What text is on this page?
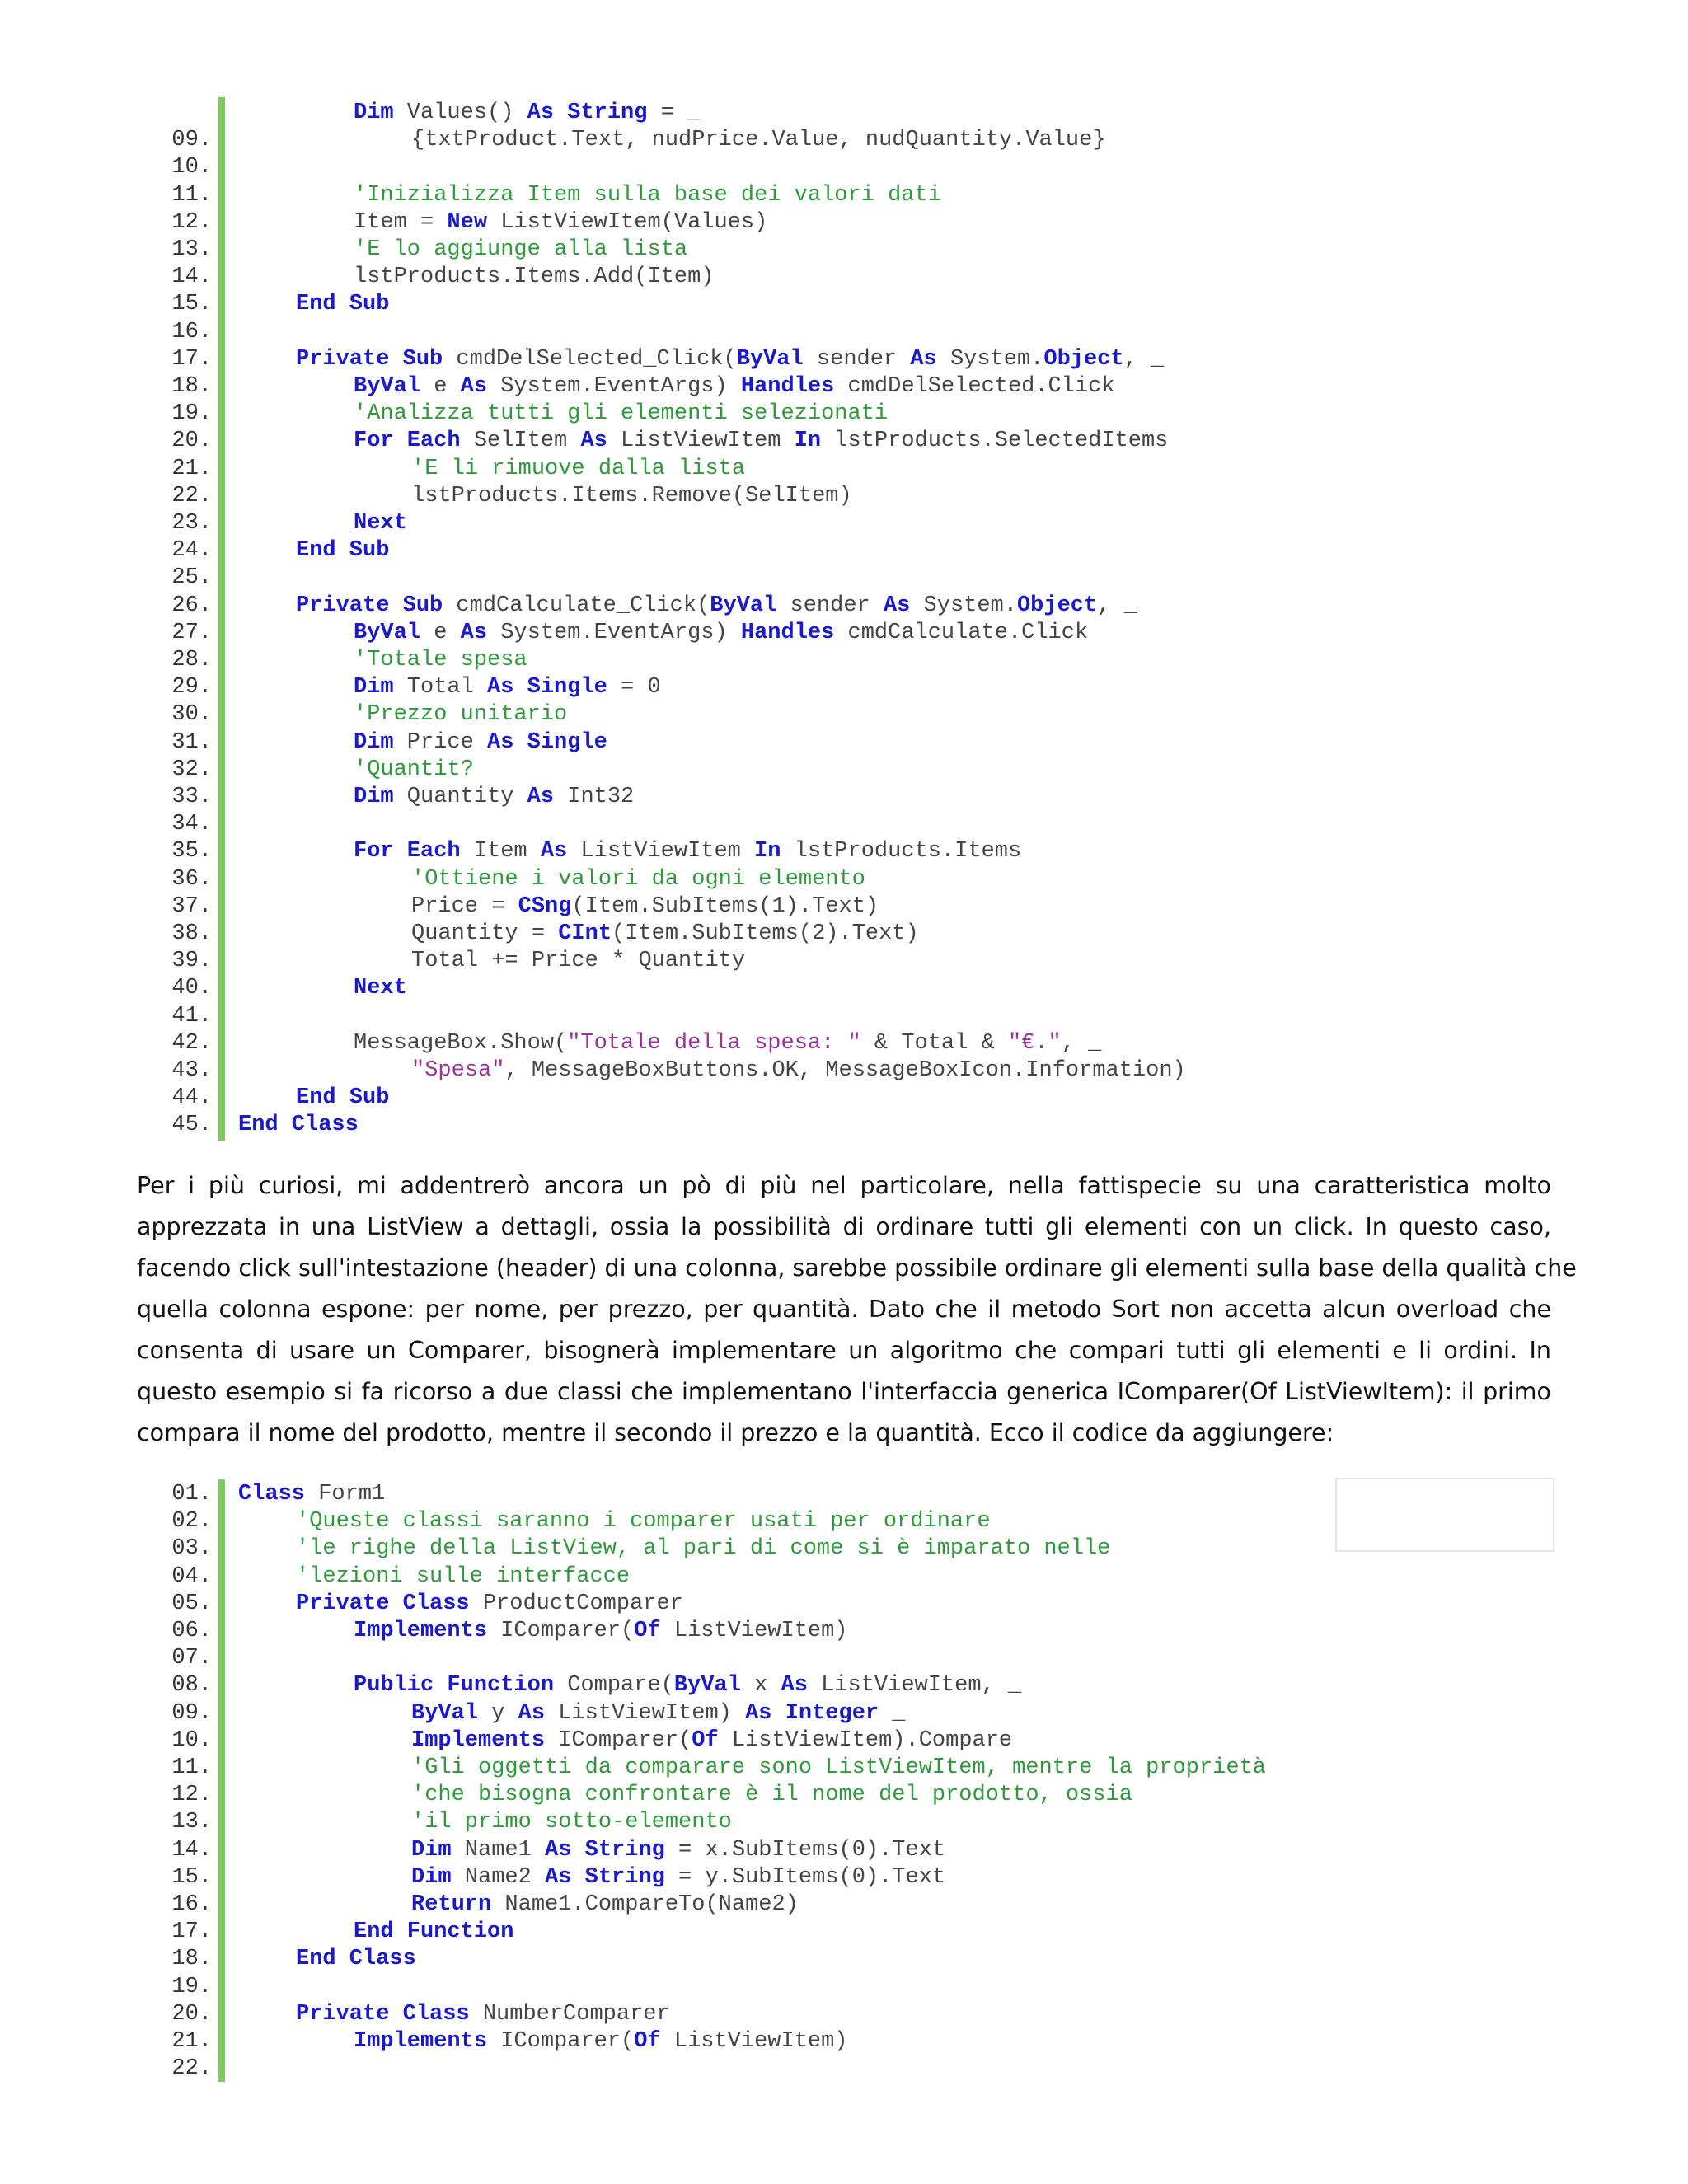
Dim Values() As String = _
09.	{txtProduct.Text, nudPrice.Value, nudQuantity.Value}
10.
11.	'Inizializza Item sulla base dei valori dati
12.	Item = New ListViewItem(Values)
13.	'E lo aggiunge alla lista
14.	lstProducts.Items.Add(Item)
15.	End Sub
16.
17.	Private Sub cmdDelSelected_Click(ByVal sender As System.Object, _
18.	ByVal e As System.EventArgs) Handles cmdDelSelected.Click
19.	'Analizza tutti gli elementi selezionati
20.	For Each SelItem As ListViewItem In lstProducts.SelectedItems
21.	'E li rimuove dalla lista
22.	lstProducts.Items.Remove(SelItem)
23.	Next
24.	End Sub
25.
26.	Private Sub cmdCalculate_Click(ByVal sender As System.Object, _
27.	ByVal e As System.EventArgs) Handles cmdCalculate.Click
28.	'Totale spesa
29.	Dim Total As Single = 0
30.	'Prezzo unitario
31.	Dim Price As Single
32.	'Quantit?
33.	Dim Quantity As Int32
34.
35.	For Each Item As ListViewItem In lstProducts.Items
36.	'Ottiene i valori da ogni elemento
37.	Price = CSng(Item.SubItems(1).Text)
38.	Quantity = CInt(Item.SubItems(2).Text)
39.	Total += Price * Quantity
40.	Next
41.
42.	MessageBox.Show("Totale della spesa: " & Total & "€.", _
43.	"Spesa", MessageBoxButtons.OK, MessageBoxIcon.Information)
44.	End Sub
45. End Class
Per i più curiosi, mi addentrerò ancora un pò di più nel particolare, nella fattispecie su una caratteristica molto
apprezzata in una ListView a dettagli, ossia la possibilità di ordinare tutti gli elementi con un click. In questo caso,
facendo click sull'intestazione (header) di una colonna, sarebbe possibile ordinare gli elementi sulla base della qualità che
quella colonna espone: per nome, per prezzo, per quantità. Dato che il metodo Sort non accetta alcun overload che
consenta di usare un Comparer, bisognerà implementare un algoritmo che compari tutti gli elementi e li ordini. In
questo esempio si fa ricorso a due classi che implementano l'interfaccia generica IComparer(Of ListViewItem): il primo
compara il nome del prodotto, mentre il secondo il prezzo e la quantità. Ecco il codice da aggiungere:
01. Class Form1
02.	'Queste classi saranno i comparer usati per ordinare
03.	'le righe della ListView, al pari di come si è imparato nelle
04.	'lezioni sulle interfacce
05.	Private Class ProductComparer
06.	Implements IComparer(Of ListViewItem)
07.
08.	Public Function Compare(ByVal x As ListViewItem, _
09.	ByVal y As ListViewItem) As Integer _
10.	Implements IComparer(Of ListViewItem).Compare
11.	'Gli oggetti da comparare sono ListViewItem, mentre la proprietà
12.	'che bisogna confrontare è il nome del prodotto, ossia
13.	'il primo sotto-elemento
14.	Dim Name1 As String = x.SubItems(0).Text
15.	Dim Name2 As String = y.SubItems(0).Text
16.	Return Name1.CompareTo(Name2)
17.	End Function
18.	End Class
19.
20.	Private Class NumberComparer
21.	Implements IComparer(Of ListViewItem)
22.
